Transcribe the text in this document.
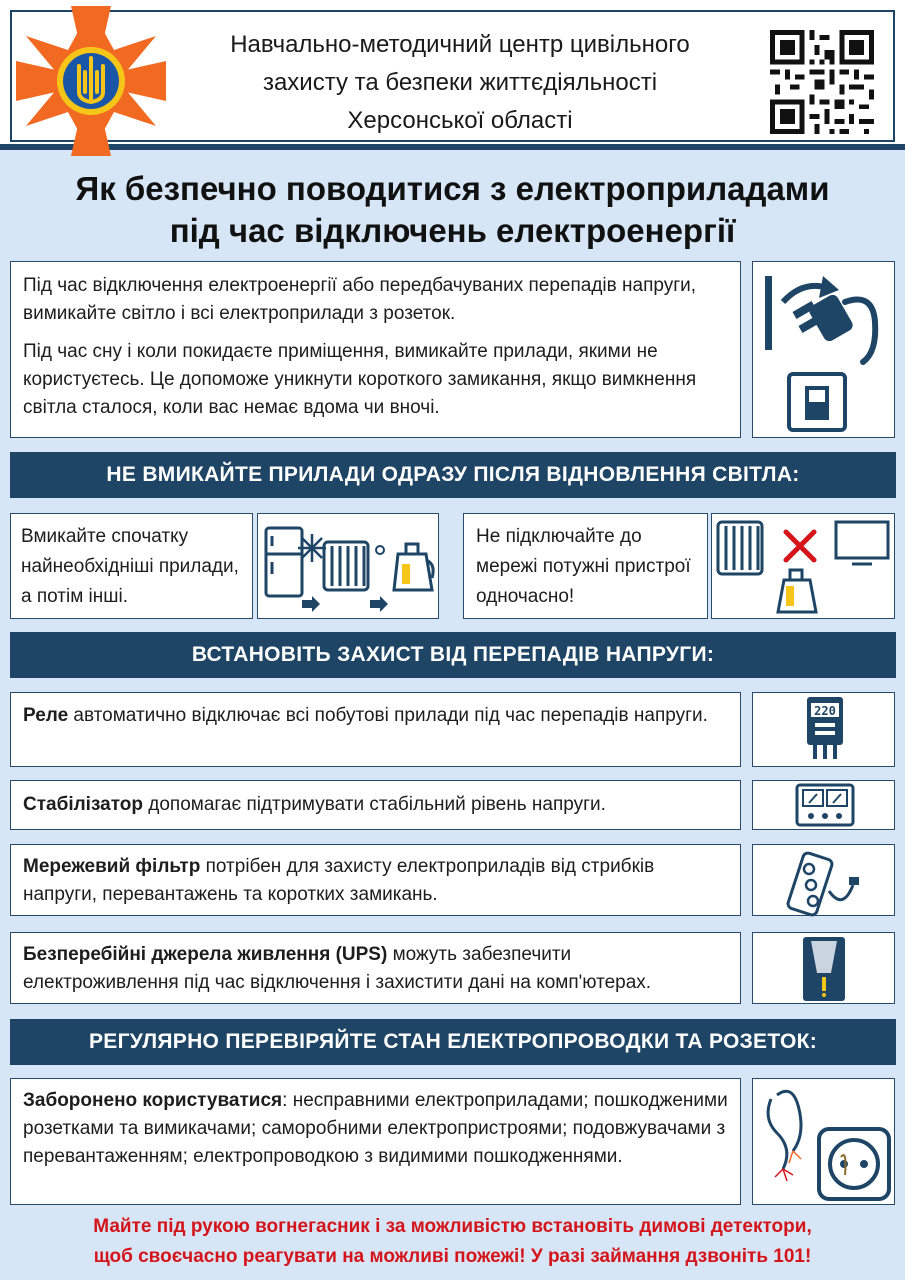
Навчально-методичний центр цивільного
захисту та безпеки життєдіяльності
Херсонської області
Як безпечно поводитися з електроприладами
під час відключень електроенергії

Під час відключення електроенергії або передбачуваних перепадів напруги, вимикайте світло і всі електроприлади з розеток.

Під час сну і коли покидаєте приміщення, вимикайте прилади, якими не користуєтесь. Це допоможе уникнути короткого замикання, якщо вимкнення світла сталося, коли вас немає вдома чи вночі.

НЕ ВМИКАЙТЕ ПРИЛАДИ ОДРАЗУ ПІСЛЯ ВІДНОВЛЕННЯ СВІТЛА:

Вмикайте спочатку найнеобхідніші прилади, а потім інші.

Не підключайте до мережі потужні пристрої одночасно!

ВСТАНОВІТЬ ЗАХИСТ ВІД ПЕРЕПАДІВ НАПРУГИ:

Реле автоматично відключає всі побутові прилади під час перепадів напруги.	220

Стабілізатор допомагає підтримувати стабільний рівень напруги.

Мережевий фільтр потрібен для захисту електроприладів від стрибків напруги, перевантажень та коротких замикань.

Безперебійні джерела живлення (UPS) можуть забезпечити електроживлення під час відключення і захистити дані на комп'ютерах.

РЕГУЛЯРНО ПЕРЕВІРЯЙТЕ СТАН ЕЛЕКТРОПРОВОДКИ ТА РОЗЕТОК:

Заборонено користуватися: несправними електроприладами; пошкодженими розетками та вимикачами; саморобними електропристроями; подовжувачами з перевантаженням; електропроводкою з видимими пошкодженнями.

Майте під рукою вогнегасник і за можливістю встановіть димові детектори,
щоб своєчасно реагувати на можливі пожежі! У разі займання дзвоніть 101!
